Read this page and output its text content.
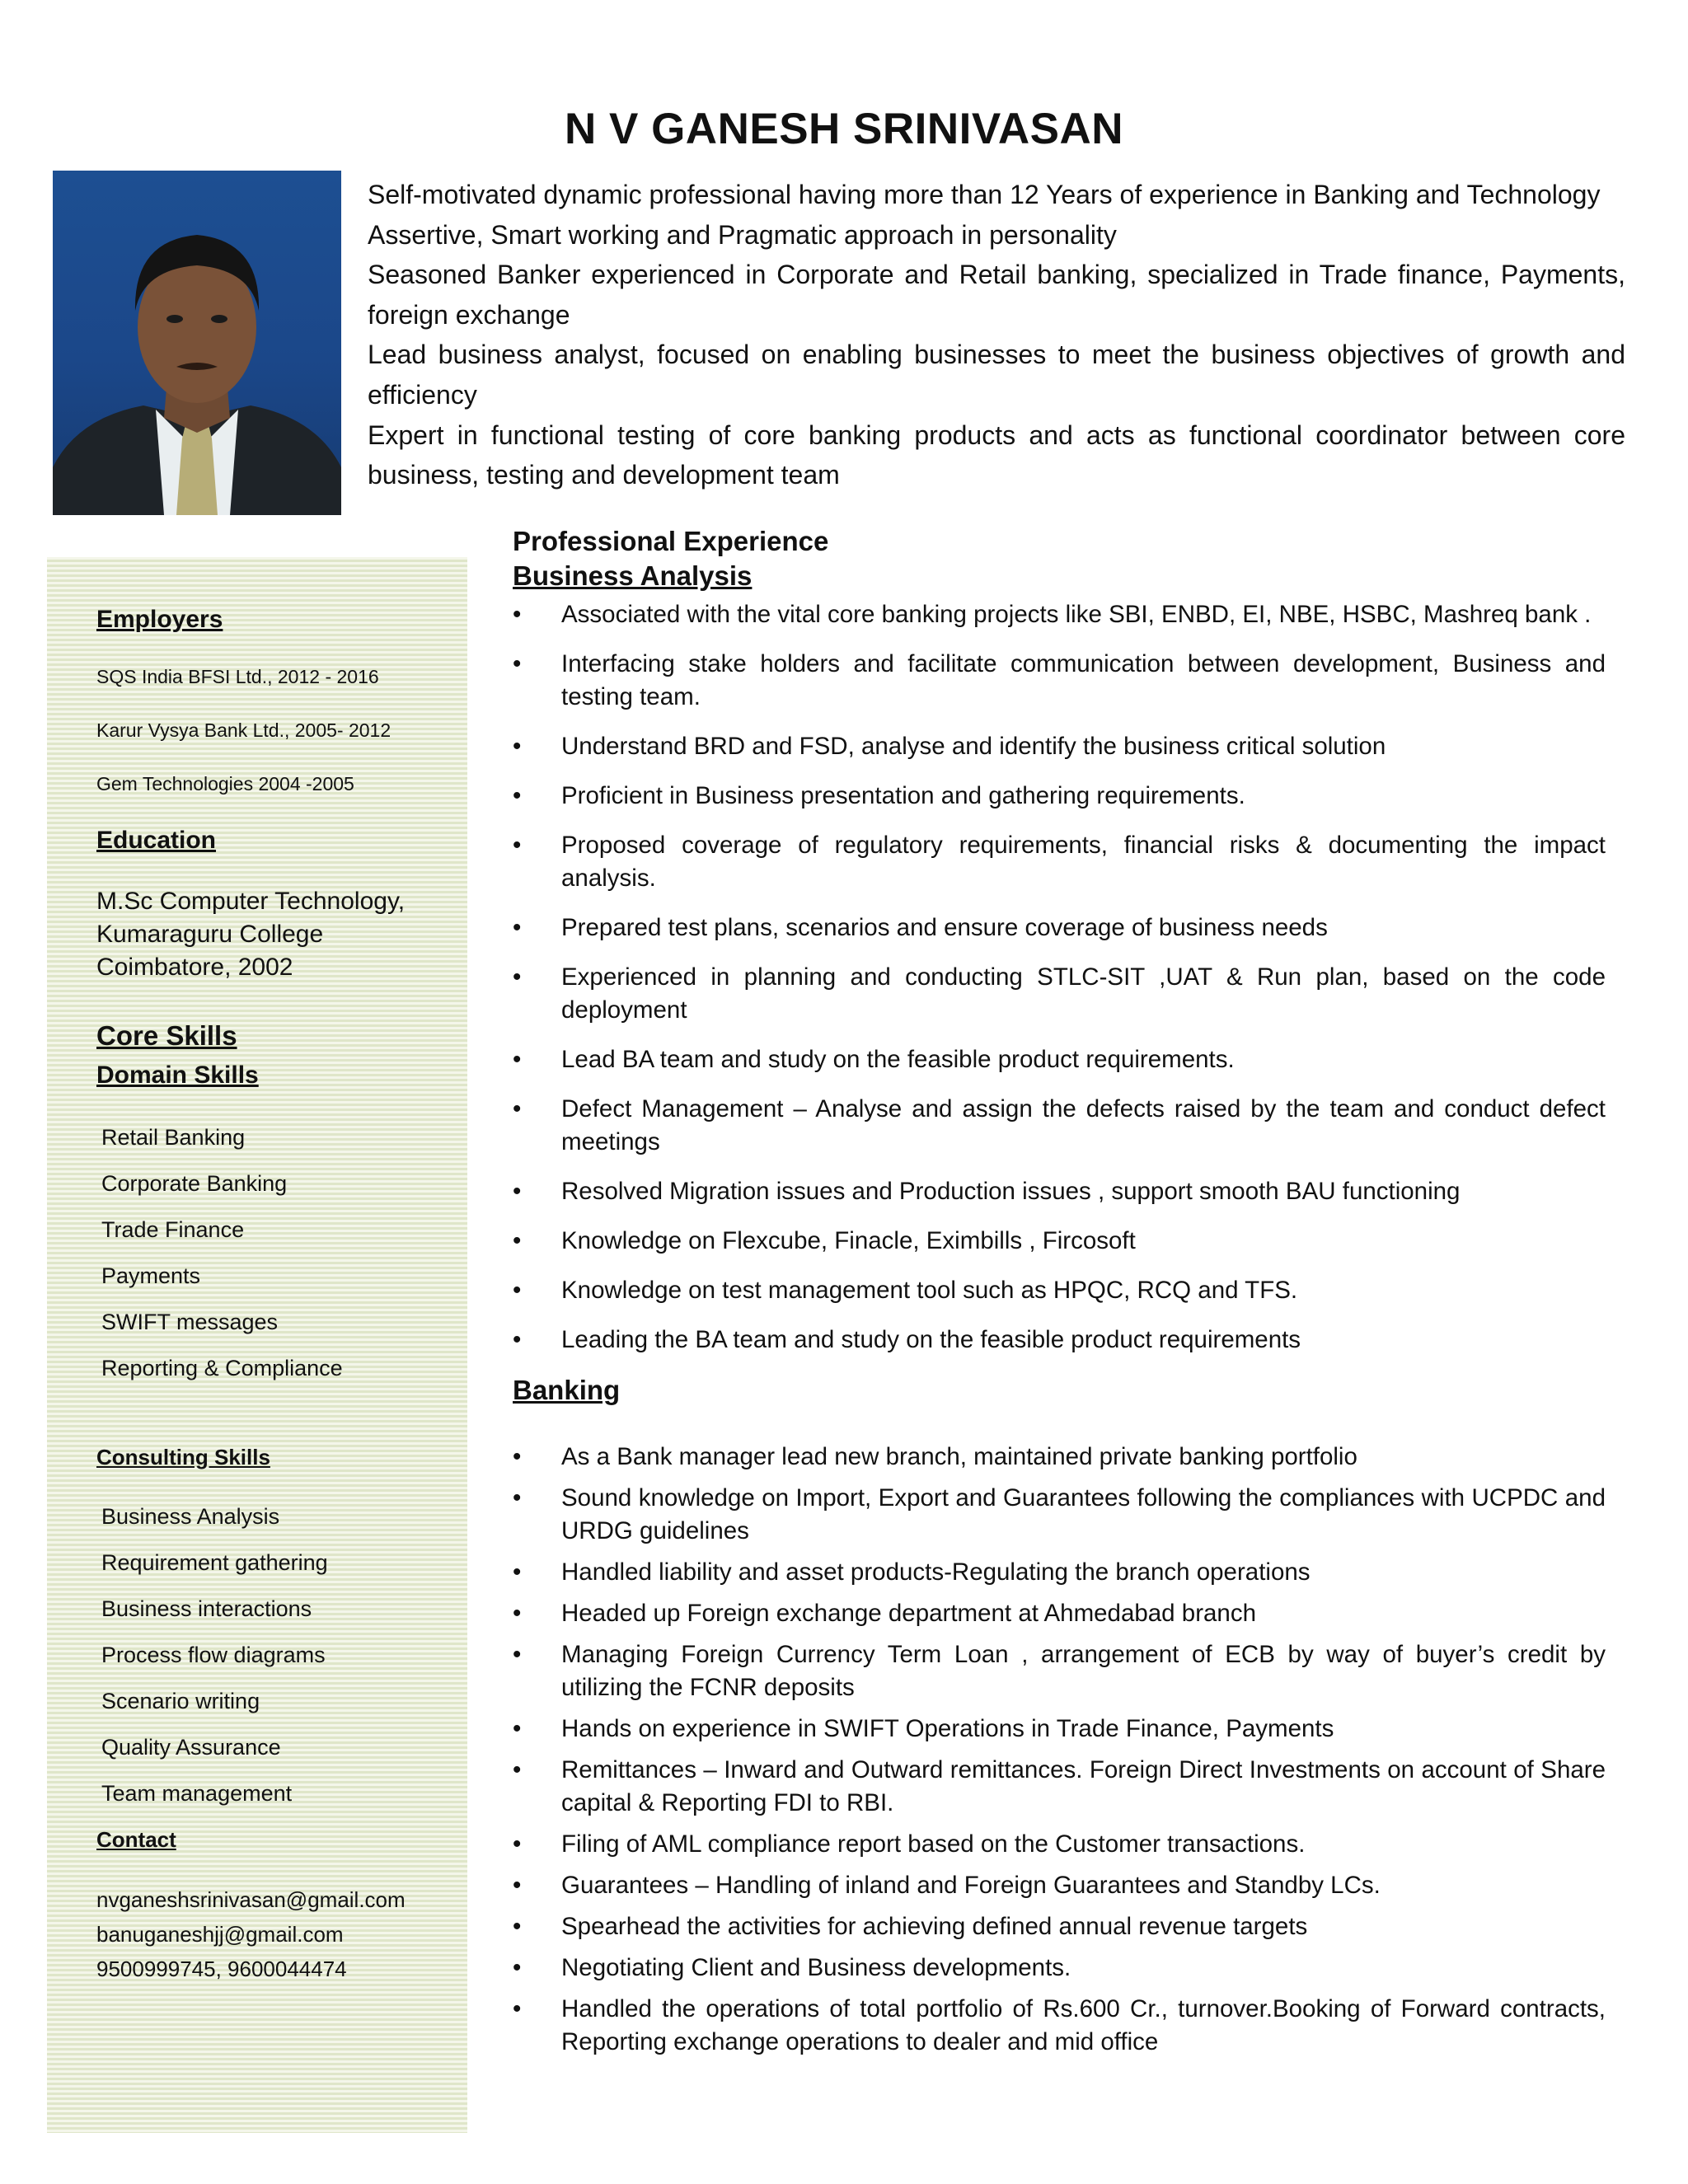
N V GANESH SRINIVASAN

Self-motivated dynamic professional having more than 12 Years of experience in Banking and Technology

Assertive, Smart working and Pragmatic approach in personality

Seasoned Banker experienced in Corporate and Retail banking, specialized in Trade finance, Payments, foreign exchange

Lead business analyst, focused on enabling businesses to meet the business objectives of growth and efficiency

Expert in functional testing of core banking products and acts as functional coordinator between core business, testing and development team

Employers
SQS India BFSI Ltd., 2012 - 2016
Karur Vysya Bank Ltd., 2005- 2012
Gem Technologies 2004 -2005
Education
M.Sc Computer Technology,
Kumaraguru College
Coimbatore, 2002
Core Skills
Domain Skills
Retail Banking
Corporate Banking
Trade Finance
Payments
SWIFT messages
Reporting & Compliance
Consulting Skills
Business Analysis
Requirement gathering
Business interactions
Process flow diagrams
Scenario writing
Quality Assurance
Team management
Contact
nvganeshsrinivasan@gmail.com
banuganeshjj@gmail.com
9500999745, 9600044474
Professional Experience
Business Analysis
•	Associated with the vital core banking projects like SBI, ENBD, EI, NBE, HSBC, Mashreq bank .
•	Interfacing stake holders and facilitate communication between development, Business and testing team.
•	Understand BRD and FSD, analyse and identify the business critical solution
•	Proficient in Business presentation and gathering requirements.
•	Proposed coverage of regulatory requirements, financial risks & documenting the impact analysis.
•	Prepared test plans, scenarios and ensure coverage of business needs
•	Experienced in planning and conducting STLC-SIT ,UAT & Run plan, based on the code deployment
•	Lead BA team and study on the feasible product requirements.
•	Defect Management – Analyse and assign the defects raised by the team and conduct defect meetings
•	Resolved Migration issues and Production issues , support smooth BAU functioning
•	Knowledge on Flexcube, Finacle, Eximbills , Fircosoft
•	Knowledge on test management tool such as HPQC, RCQ and TFS.
•	Leading the BA team and study on the feasible product requirements
Banking
•	As a Bank manager lead new branch, maintained private banking portfolio
•	Sound knowledge on Import, Export and Guarantees following the compliances with UCPDC and URDG guidelines
•	Handled liability and asset products-Regulating the branch operations
•	Headed up Foreign exchange department at Ahmedabad branch
•	Managing Foreign Currency Term Loan , arrangement of ECB by way of buyer’s credit by utilizing the FCNR deposits
•	Hands on experience in SWIFT Operations in Trade Finance, Payments
•	Remittances – Inward and Outward remittances. Foreign Direct Investments on account of Share capital & Reporting FDI to RBI.
•	Filing of AML compliance report based on the Customer transactions.
•	Guarantees – Handling of inland and Foreign Guarantees and Standby LCs.
•	Spearhead the activities for achieving defined annual revenue targets
•	Negotiating Client and Business developments.
•	Handled the operations of total portfolio of Rs.600 Cr., turnover.Booking of Forward contracts, Reporting exchange operations to dealer and mid office
